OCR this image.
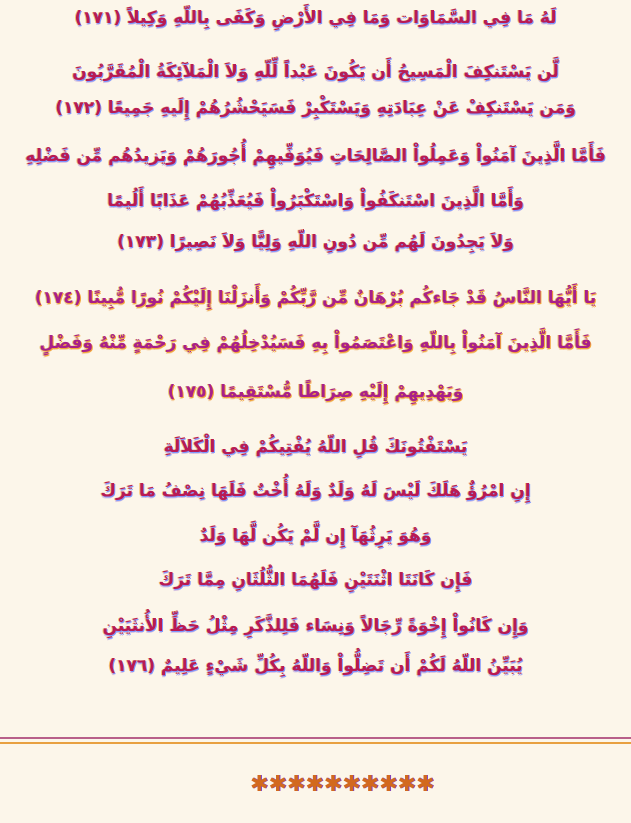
لَهُ مَا فِي السَّمَاوَات وَمَا فِي الأَرْضِ وَكَفَى بِاللّهِ وَكِيلاً (١٧١)
لَّن يَسْتَنكِفَ الْمَسِيحُ أَن يَكُونَ عَبْداً لِّلّهِ وَلاَ الْمَلآئِكَةُ الْمُقَرَّبُونَ
وَمَن يَسْتَنكِفْ عَنْ عِبَادَتِهِ وَيَسْتَكْبِرْ فَسَيَحْشُرُهُمْ إِلَيهِ جَمِيعًا (١٧٢)
فَأَمَّا الَّذِينَ آمَنُواْ وَعَمِلُواْ الصَّالِحَاتِ فَيُوَفِّيهِمْ أُجُورَهُمْ وَيَزيدُهُم مِّن فَضْلِهِ
وَأَمَّا الَّذِينَ اسْتَنكَفُواْ وَاسْتَكْبَرُواْ فَيُعَذِّبُهُمْ عَذَابًا أَلُيمًا
وَلاَ يَجِدُونَ لَهُم مِّن دُونِ اللّهِ وَلِيًّا وَلاَ نَصِيرًا (١٧٣)
يَا أَيُّهَا النَّاسُ قَدْ جَاءكُم بُرْهَانٌ مِّن رَّبِّكُمْ وَأَنزَلْنَا إِلَيْكُمْ نُورًا مُّبِينًا (١٧٤)
فَأَمَّا الَّذِينَ آمَنُواْ بِاللّهِ وَاعْتَصَمُواْ بِهِ فَسَيُدْخِلُهُمْ فِي رَحْمَةٍ مِّنْهُ وَفَضْلٍ
وَيَهْدِيهِمْ إِلَيْهِ صِرَاطًا مُّسْتَقِيمًا (١٧٥)
يَسْتَفْتُونَكَ قُلِ اللّهُ يُفْتِيكُمْ فِي الْكَلاَلَةِ
إِنِ امْرُؤٌ هَلَكَ لَيْسَ لَهُ وَلَدٌ وَلَهُ أُخْتٌ فَلَهَا نِصْفُ مَا تَرَكَ
وَهُوَ يَرِثُهَآ إِن لَّمْ يَكُن لَّهَا وَلَدٌ
فَإِن كَانَتَا اثْنَتَيْنِ فَلَهُمَا الثُّلُثَانِ مِمَّا تَرَكَ
وَإِن كَانُواْ إِخْوَةً رِّجَالاً وَنِسَاء فَلِلذَّكَرِ مِثْلُ حَظِّ الأُنثَيَيْنِ
يُبَيِّنُ اللّهُ لَكُمْ أَن تَضِلُّواْ وَاللّهُ بِكُلِّ شَيْءٍ عَلِيمٌ (١٧٦)
✱ ✱ ✱ ✱ ✱ ✱ ✱ ✱ ✱ ✱
